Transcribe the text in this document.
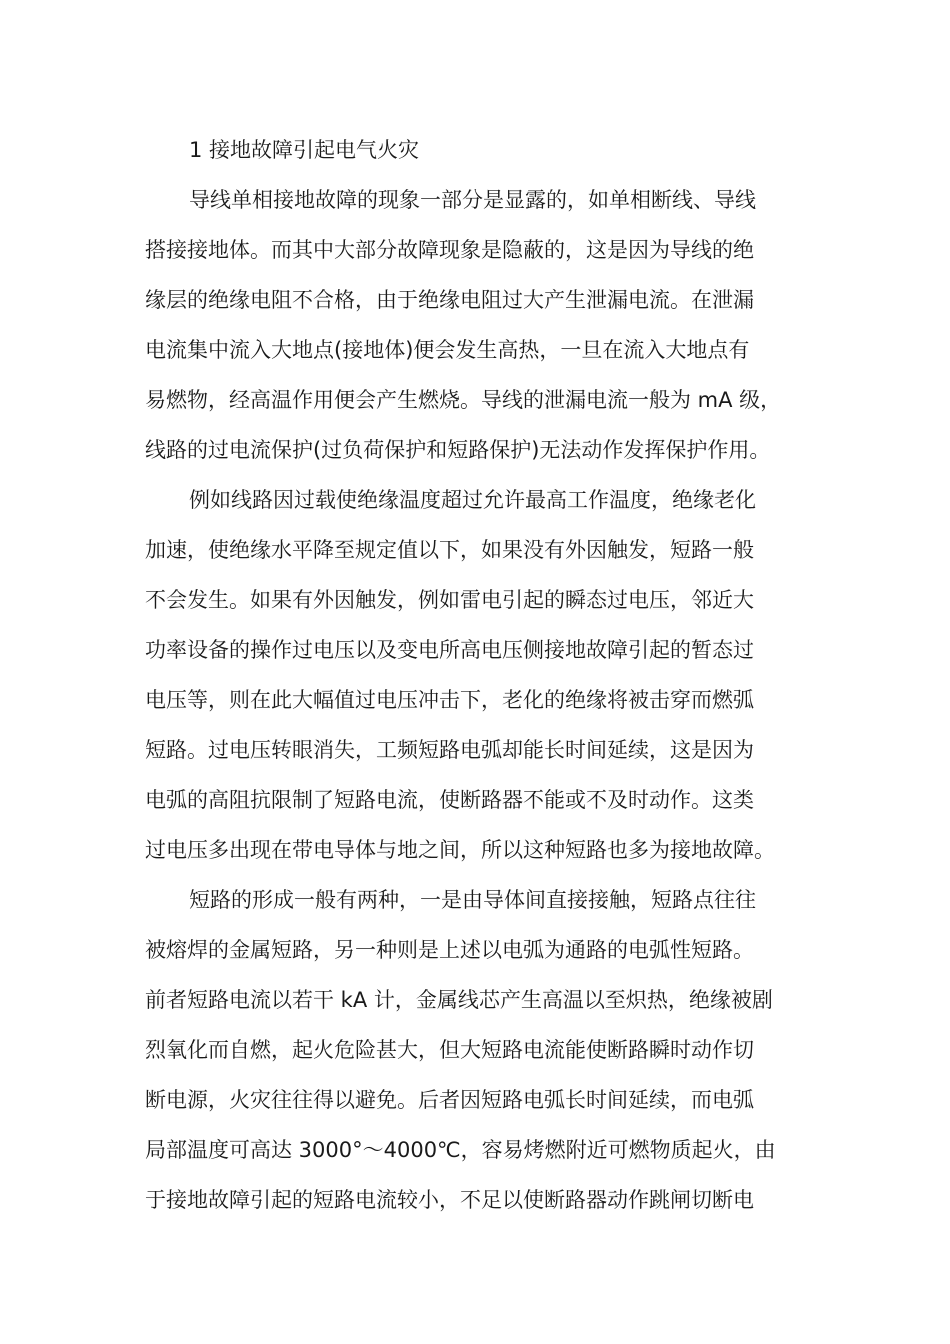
1 接地故障引起电气火灾
导线单相接地故障的现象一部分是显露的，如单相断线、导线
搭接接地体。而其中大部分故障现象是隐蔽的，这是因为导线的绝
缘层的绝缘电阻不合格，由于绝缘电阻过大产生泄漏电流。在泄漏
电流集中流入大地点(接地体)便会发生高热，一旦在流入大地点有
易燃物，经高温作用便会产生燃烧。导线的泄漏电流一般为 mA 级，
线路的过电流保护(过负荷保护和短路保护)无法动作发挥保护作用。
例如线路因过载使绝缘温度超过允许最高工作温度，绝缘老化
加速，使绝缘水平降至规定值以下，如果没有外因触发，短路一般
不会发生。如果有外因触发，例如雷电引起的瞬态过电压，邻近大
功率设备的操作过电压以及变电所高电压侧接地故障引起的暂态过
电压等，则在此大幅值过电压冲击下，老化的绝缘将被击穿而燃弧
短路。过电压转眼消失，工频短路电弧却能长时间延续，这是因为
电弧的高阻抗限制了短路电流，使断路器不能或不及时动作。这类
过电压多出现在带电导体与地之间，所以这种短路也多为接地故障。
短路的形成一般有两种，一是由导体间直接接触，短路点往往
被熔焊的金属短路，另一种则是上述以电弧为通路的电弧性短路。
前者短路电流以若干 kA 计，金属线芯产生高温以至炽热，绝缘被剧
烈氧化而自燃，起火危险甚大，但大短路电流能使断路瞬时动作切
断电源，火灾往往得以避免。后者因短路电弧长时间延续，而电弧
局部温度可高达 3000°～4000℃，容易烤燃附近可燃物质起火，由
于接地故障引起的短路电流较小，不足以使断路器动作跳闸切断电
